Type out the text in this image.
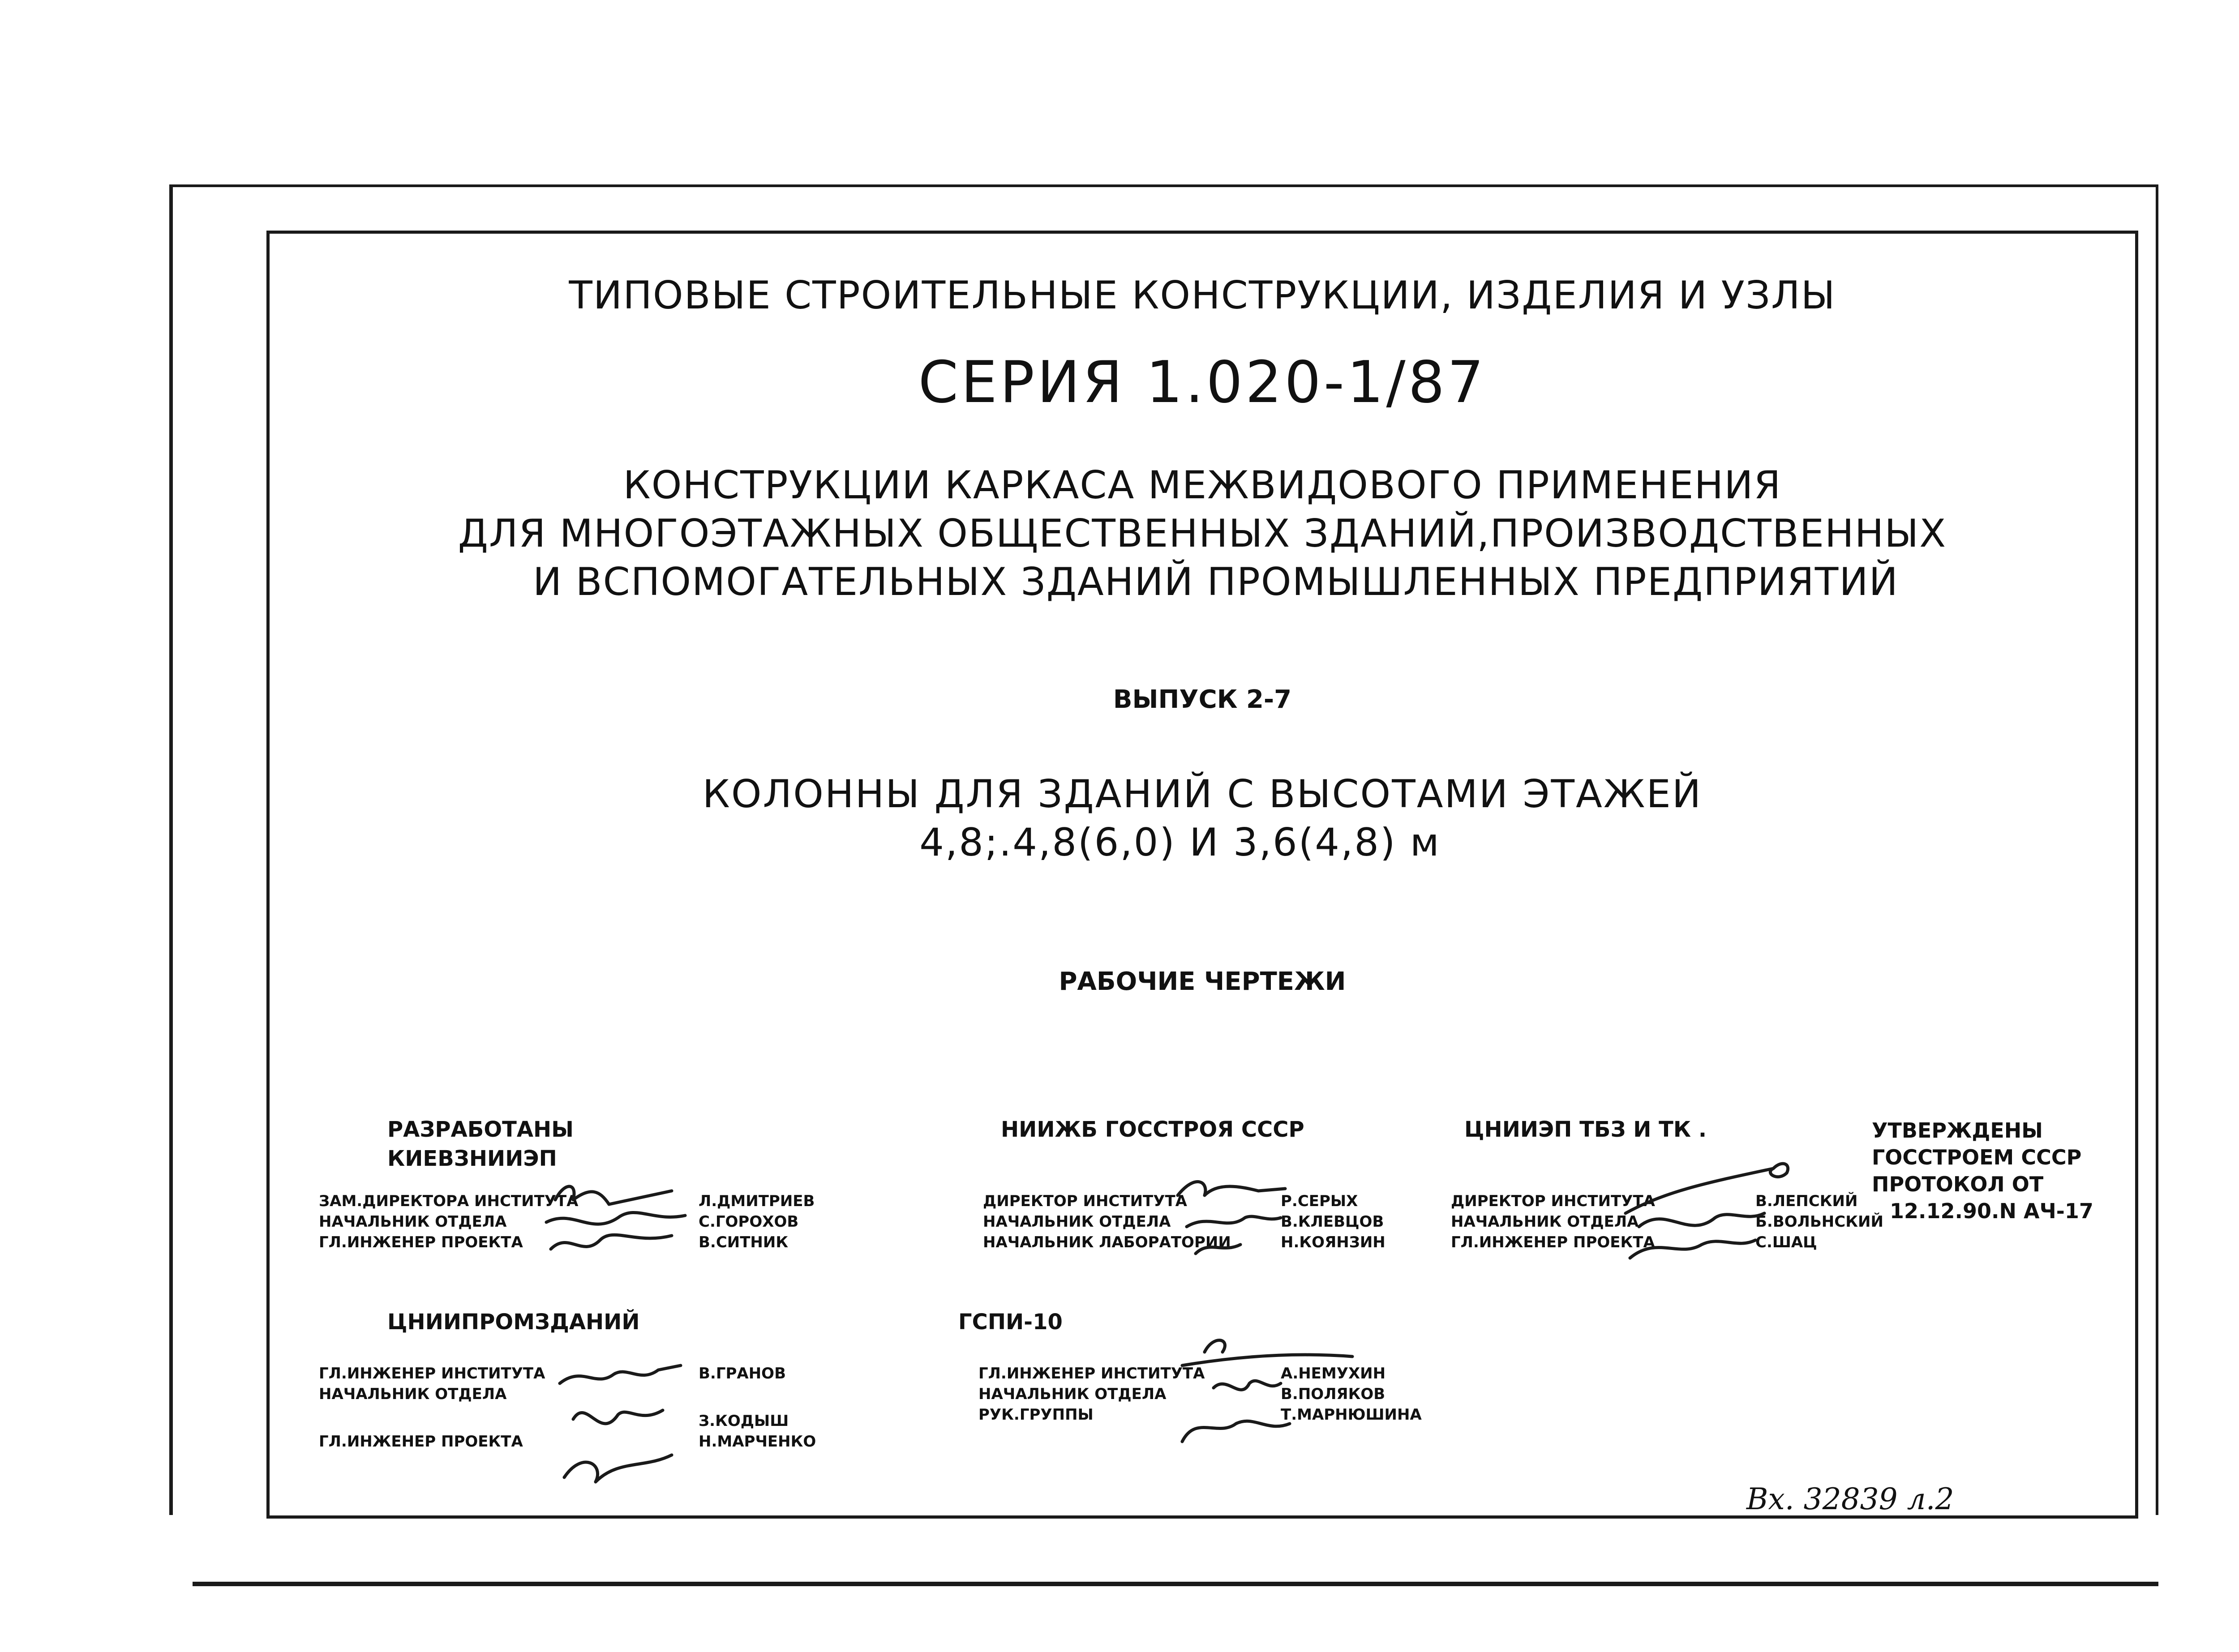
ТИПОВЫЕ СТРОИТЕЛЬНЫЕ КОНСТРУКЦИИ, ИЗДЕЛИЯ И УЗЛЫ
СЕРИЯ 1.020-1/87
КОНСТРУКЦИИ КАРКАСА МЕЖВИДОВОГО ПРИМЕНЕНИЯ
ДЛЯ МНОГОЭТАЖНЫХ ОБЩЕСТВЕННЫХ ЗДАНИЙ,ПРОИЗВОДСТВЕННЫХ
И ВСПОМОГАТЕЛЬНЫХ ЗДАНИЙ ПРОМЫШЛЕННЫХ ПРЕДПРИЯТИЙ
ВЫПУСК 2-7
КОЛОННЫ ДЛЯ ЗДАНИЙ С ВЫСОТАМИ ЭТАЖЕЙ
4,8;.4,8(6,0) И 3,6(4,8) м
РАБОЧИЕ ЧЕРТЕЖИ
РАЗРАБОТАНЫ
КИЕВЗНИИЭП
ЗАМ.ДИРЕКТОРА ИНСТИТУТА
НАЧАЛЬНИК ОТДЕЛА
ГЛ.ИНЖЕНЕР ПРОЕКТА
Л.ДМИТРИЕВ
С.ГОРОХОВ
В.СИТНИК
НИИЖБ ГОССТРОЯ СССР
ДИРЕКТОР ИНСТИТУТА
НАЧАЛЬНИК ОТДЕЛА
НАЧАЛЬНИК ЛАБОРАТОРИИ
Р.СЕРЫХ
В.КЛЕВЦОВ
Н.КОЯНЗИН
ЦНИИЭП ТБЗ И ТК .
ДИРЕКТОР ИНСТИТУТА
НАЧАЛЬНИК ОТДЕЛА
ГЛ.ИНЖЕНЕР ПРОЕКТА
В.ЛЕПСКИЙ
Б.ВОЛЬНСКИЙ
С.ШАЦ
УТВЕРЖДЕНЫ
ГОССТРОЕМ СССР
ПРОТОКОЛ ОТ
12.12.90.N АЧ-17
ЦНИИПРОМЗДАНИЙ
ГЛ.ИНЖЕНЕР ИНСТИТУТА
НАЧАЛЬНИК ОТДЕЛА
ГЛ.ИНЖЕНЕР ПРОЕКТА
В.ГРАНОВ
З.КОДЫШ
Н.МАРЧЕНКО
ГСПИ-10
ГЛ.ИНЖЕНЕР ИНСТИТУТА
НАЧАЛЬНИК ОТДЕЛА
РУК.ГРУППЫ
А.НЕМУХИН
В.ПОЛЯКОВ
Т.МАРНЮШИНА
Вх. 32839 л.2
